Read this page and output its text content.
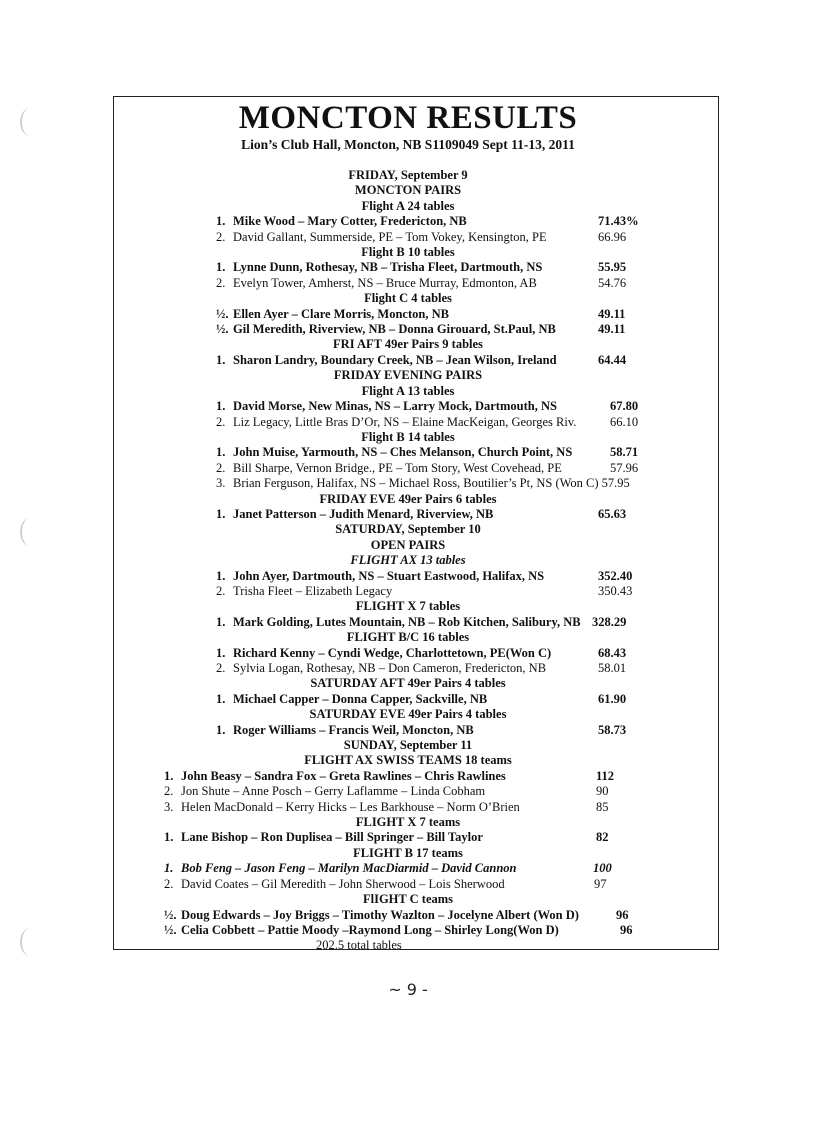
MONCTON RESULTS
Lion’s Club Hall, Moncton, NB S1109049 Sept 11-13, 2011
FRIDAY, September 9
MONCTON PAIRS
Flight A 24 tables
1. Mike Wood – Mary Cotter, Fredericton, NB	71.43%
2. David Gallant, Summerside, PE – Tom Vokey, Kensington, PE	66.96
Flight B 10 tables
1. Lynne Dunn, Rothesay, NB – Trisha Fleet, Dartmouth, NS	55.95
2. Evelyn Tower, Amherst, NS – Bruce Murray, Edmonton, AB	54.76
Flight C 4 tables
½. Ellen Ayer – Clare Morris, Moncton, NB	49.11
½. Gil Meredith, Riverview, NB – Donna Girouard, St.Paul, NB	49.11
FRI AFT 49er Pairs 9 tables
1. Sharon Landry, Boundary Creek, NB – Jean Wilson, Ireland	64.44
FRIDAY EVENING PAIRS
Flight A 13 tables
1. David Morse, New Minas, NS – Larry Mock, Dartmouth, NS	67.80
2. Liz Legacy, Little Bras D’Or, NS – Elaine MacKeigan, Georges Riv.	66.10
Flight B 14 tables
1. John Muise, Yarmouth, NS – Ches Melanson, Church Point, NS	58.71
2. Bill Sharpe, Vernon Bridge., PE – Tom Story, West Covehead, PE	57.96
3. Brian Ferguson, Halifax, NS – Michael Ross, Boutilier’s Pt, NS (Won C) 57.95
FRIDAY EVE 49er Pairs 6 tables
1. Janet Patterson – Judith Menard, Riverview, NB	65.63
SATURDAY, September 10
OPEN PAIRS
FLIGHT AX 13 tables
1. John Ayer, Dartmouth, NS – Stuart Eastwood, Halifax, NS	352.40
2. Trisha Fleet – Elizabeth Legacy	350.43
FLIGHT X 7 tables
1. Mark Golding, Lutes Mountain, NB – Rob Kitchen, Salibury, NB 328.29
FLIGHT B/C 16 tables
1. Richard Kenny – Cyndi Wedge, Charlottetown, PE(Won C)	68.43
2. Sylvia Logan, Rothesay, NB – Don Cameron, Fredericton, NB	58.01
SATURDAY AFT 49er Pairs 4 tables
1. Michael Capper – Donna Capper, Sackville, NB	61.90
SATURDAY EVE 49er Pairs 4 tables
1. Roger Williams – Francis Weil, Moncton, NB	58.73
SUNDAY, September 11
FLIGHT AX SWISS TEAMS 18 teams
1. John Beasy – Sandra Fox – Greta Rawlines – Chris Rawlines	112
2. Jon Shute – Anne Posch – Gerry Laflamme – Linda Cobham	90
3. Helen MacDonald – Kerry Hicks – Les Barkhouse – Norm O’Brien	85
FLIGHT X 7 teams
1. Lane Bishop – Ron Duplisea – Bill Springer – Bill Taylor	82
FLIGHT B 17 teams
1. Bob Feng – Jason Feng – Marilyn MacDiarmid – David Cannon	100
2. David Coates – Gil Meredith – John Sherwood – Lois Sherwood	97
FlIGHT C teams
½. Doug Edwards – Joy Briggs – Timothy Wazlton – Jocelyne Albert (Won D)	96
½. Celia Cobbett – Pattie Moody –Raymond Long – Shirley Long(Won D)	96
202.5 total tables
~ 9 -
